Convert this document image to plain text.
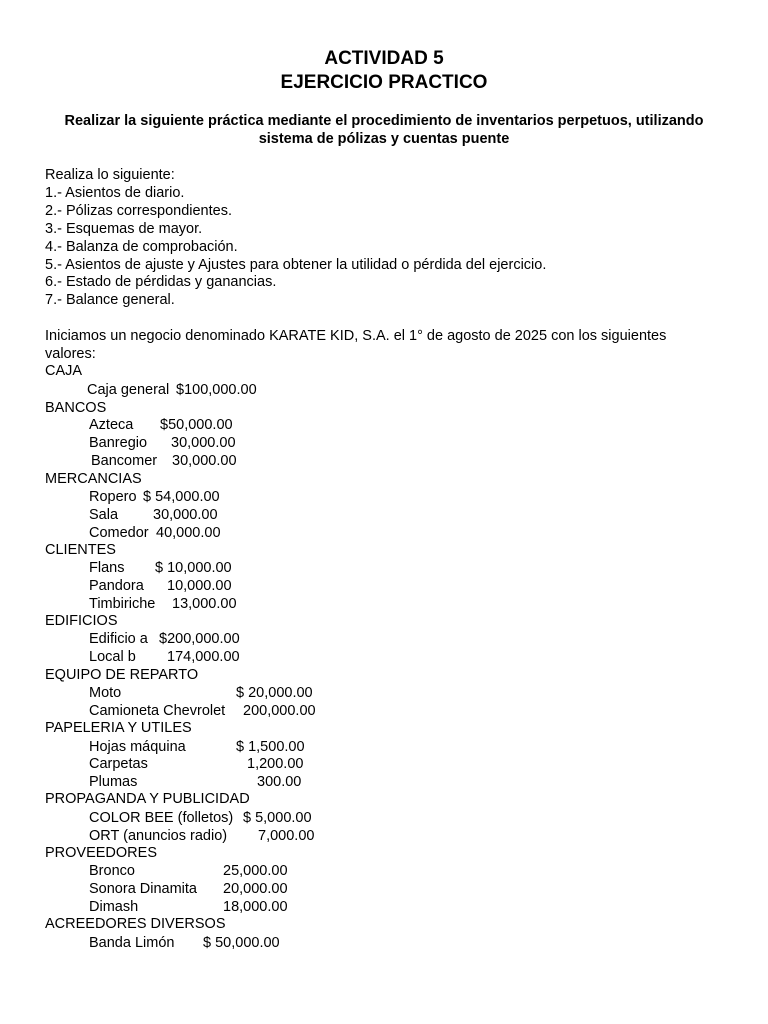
ACTIVIDAD 5
EJERCICIO PRACTICO
Realizar la siguiente práctica mediante el procedimiento de inventarios perpetuos, utilizando sistema de pólizas y cuentas puente
Realiza lo siguiente:
1.- Asientos de diario.
2.- Pólizas correspondientes.
3.- Esquemas de mayor.
4.- Balanza de comprobación.
5.- Asientos de ajuste y Ajustes para obtener la utilidad o pérdida del ejercicio.
6.- Estado de pérdidas y ganancias.
7.- Balance general.
Iniciamos un negocio denominado KARATE KID, S.A. el 1° de agosto de 2025 con los siguientes
valores:
CAJA
Caja general $100,000.00
BANCOS
Azteca $50,000.00
Banregio 30,000.00
Bancomer 30,000.00
MERCANCIAS
Ropero $ 54,000.00
Sala 30,000.00
Comedor 40,000.00
CLIENTES
Flans $ 10,000.00
Pandora 10,000.00
Timbiriche 13,000.00
EDIFICIOS
Edificio a $200,000.00
Local b 174,000.00
EQUIPO DE REPARTO
Moto	$ 20,000.00
Camioneta Chevrolet 200,000.00
PAPELERIA Y UTILES
Hojas máquina	$ 1,500.00
Carpetas	1,200.00
Plumas	300.00
PROPAGANDA Y PUBLICIDAD
COLOR BEE (folletos) $ 5,000.00
ORT (anuncios radio) 7,000.00
PROVEEDORES
Bronco	25,000.00
Sonora Dinamita 20,000.00
Dimash	18,000.00
ACREEDORES DIVERSOS
Banda Limón $ 50,000.00
